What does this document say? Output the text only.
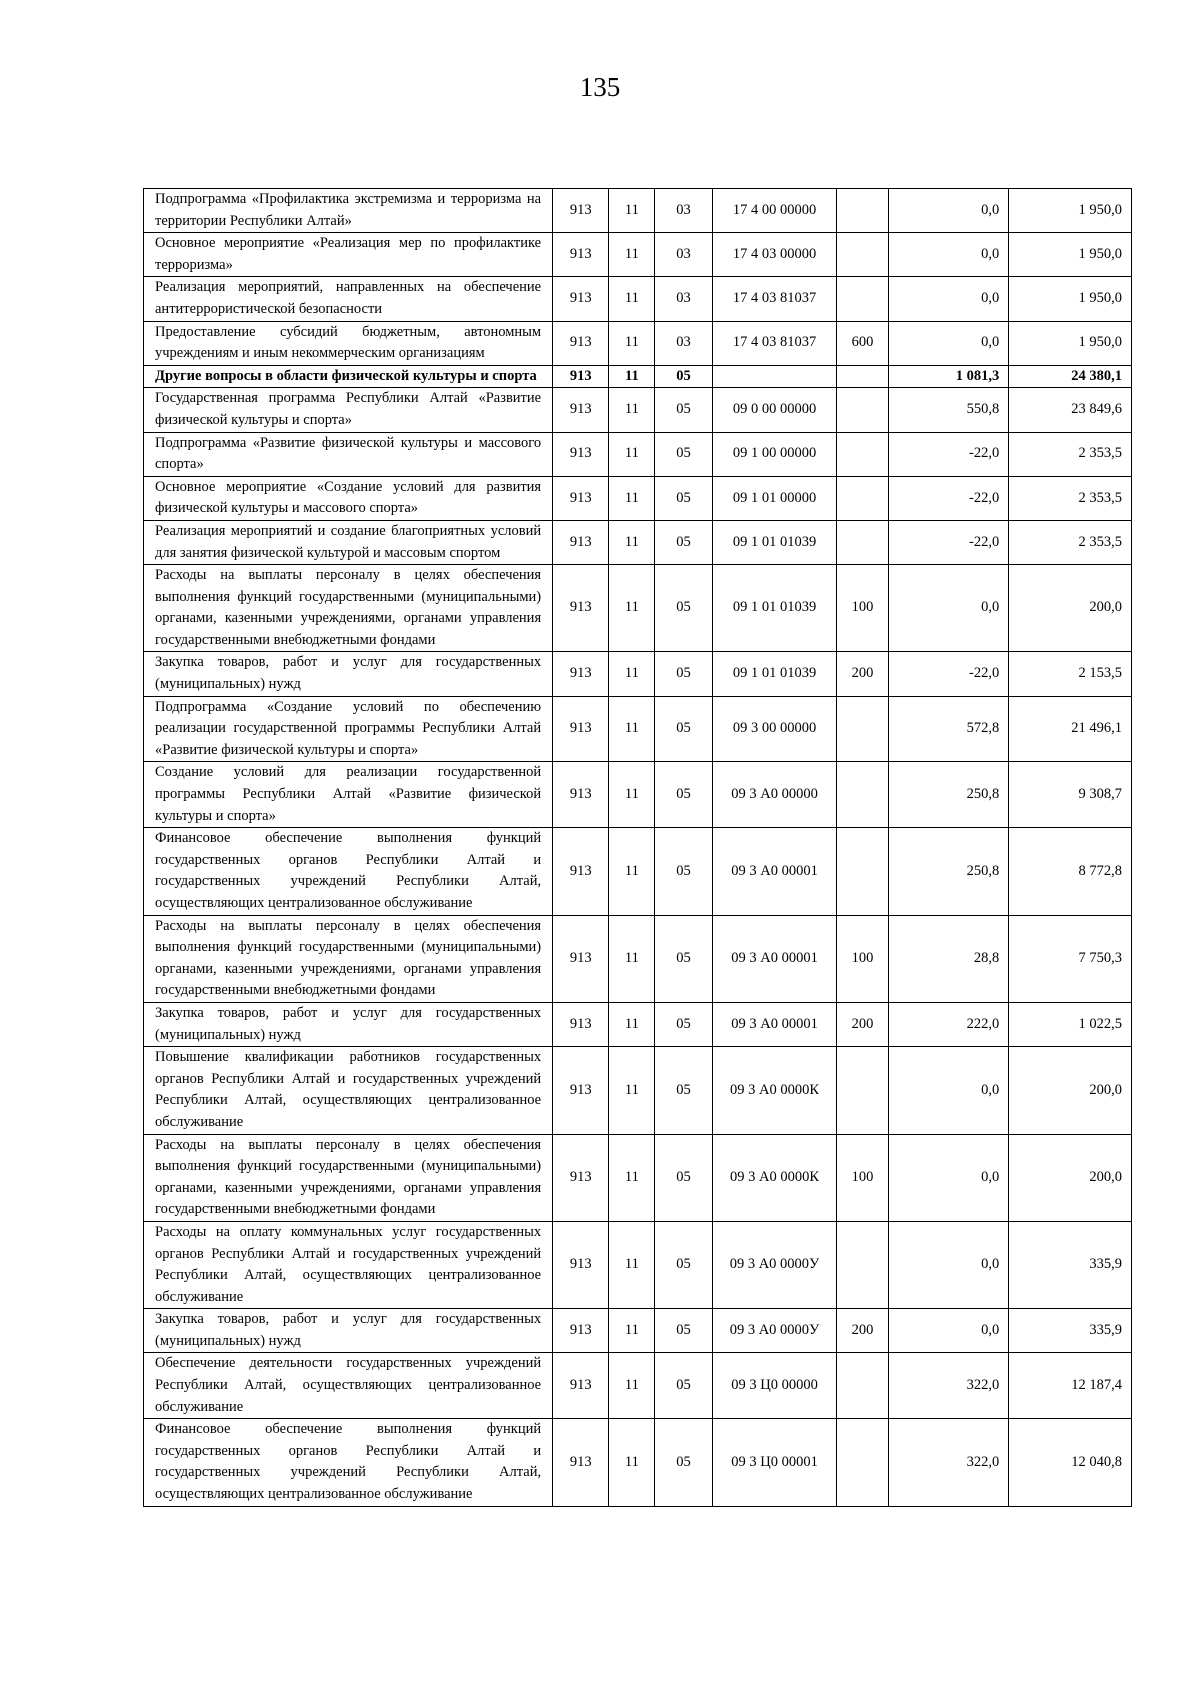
135
Подпрограмма «Профилактика экстремизма и терроризма на территории Республики Алтай»	913	11	03	17 4 00 00000		0,0	1 950,0
Основное мероприятие «Реализация мер по профилактике терроризма»	913	11	03	17 4 03 00000		0,0	1 950,0
Реализация мероприятий, направленных на обеспечение антитеррористической безопасности	913	11	03	17 4 03 81037		0,0	1 950,0
Предоставление субсидий бюджетным, автономным учреждениям и иным некоммерческим организациям	913	11	03	17 4 03 81037	600	0,0	1 950,0
Другие вопросы в области физической культуры и спорта	913	11	05			1 081,3	24 380,1
Государственная программа Республики Алтай «Развитие физической культуры и спорта»	913	11	05	09 0 00 00000		550,8	23 849,6
Подпрограмма «Развитие физической культуры и массового спорта»	913	11	05	09 1 00 00000		-22,0	2 353,5
Основное мероприятие «Создание условий для развития физической культуры и массового спорта»	913	11	05	09 1 01 00000		-22,0	2 353,5
Реализация мероприятий и создание благоприятных условий для занятия физической культурой и массовым спортом	913	11	05	09 1 01 01039		-22,0	2 353,5
Расходы на выплаты персоналу в целях обеспечения выполнения функций государственными (муниципальными) органами, казенными учреждениями, органами управления государственными внебюджетными фондами	913	11	05	09 1 01 01039	100	0,0	200,0
Закупка товаров, работ и услуг для государственных (муниципальных) нужд	913	11	05	09 1 01 01039	200	-22,0	2 153,5
Подпрограмма «Создание условий по обеспечению реализации государственной программы Республики Алтай «Развитие физической культуры и спорта»	913	11	05	09 3 00 00000		572,8	21 496,1
Создание условий для реализации государственной программы Республики Алтай «Развитие физической культуры и спорта»	913	11	05	09 3 А0 00000		250,8	9 308,7
Финансовое обеспечение выполнения функций государственных органов Республики Алтай и государственных учреждений Республики Алтай, осуществляющих централизованное обслуживание	913	11	05	09 3 А0 00001		250,8	8 772,8
Расходы на выплаты персоналу в целях обеспечения выполнения функций государственными (муниципальными) органами, казенными учреждениями, органами управления государственными внебюджетными фондами	913	11	05	09 3 А0 00001	100	28,8	7 750,3
Закупка товаров, работ и услуг для государственных (муниципальных) нужд	913	11	05	09 3 А0 00001	200	222,0	1 022,5
Повышение квалификации работников государственных органов Республики Алтай и государственных учреждений Республики Алтай, осуществляющих централизованное обслуживание	913	11	05	09 3 А0 0000К		0,0	200,0
Расходы на выплаты персоналу в целях обеспечения выполнения функций государственными (муниципальными) органами, казенными учреждениями, органами управления государственными внебюджетными фондами	913	11	05	09 3 А0 0000К	100	0,0	200,0
Расходы на оплату коммунальных услуг государственных органов Республики Алтай и государственных учреждений Республики Алтай, осуществляющих централизованное обслуживание	913	11	05	09 3 А0 0000У		0,0	335,9
Закупка товаров, работ и услуг для государственных (муниципальных) нужд	913	11	05	09 3 А0 0000У	200	0,0	335,9
Обеспечение деятельности государственных учреждений Республики Алтай, осуществляющих централизованное обслуживание	913	11	05	09 3 Ц0 00000		322,0	12 187,4
Финансовое обеспечение выполнения функций государственных органов Республики Алтай и государственных учреждений Республики Алтай, осуществляющих централизованное обслуживание	913	11	05	09 3 Ц0 00001		322,0	12 040,8
